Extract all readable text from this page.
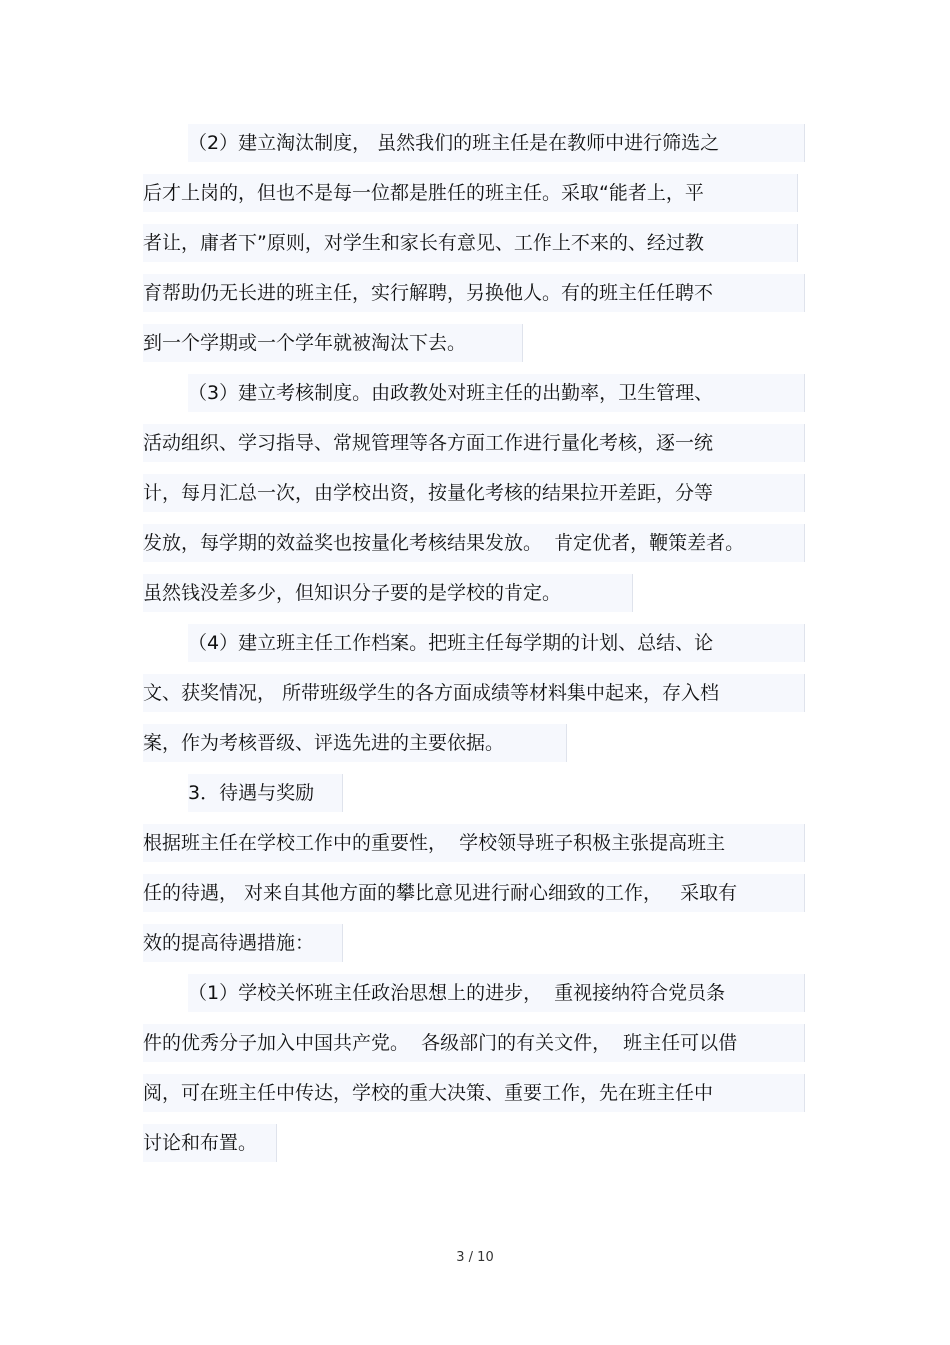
（2）建立淘汰制度， 虽然我们的班主任是在教师中进行筛选之
后才上岗的，但也不是每一位都是胜任的班主任。采取“能者上，平
者让，庸者下”原则，对学生和家长有意见、工作上不来的、经过教
育帮助仍无长进的班主任，实行解聘，另换他人。有的班主任任聘不
到一个学期或一个学年就被淘汰下去。
（3）建立考核制度。由政教处对班主任的出勤率，卫生管理、
活动组织、学习指导、常规管理等各方面工作进行量化考核，逐一统
计，每月汇总一次，由学校出资，按量化考核的结果拉开差距，分等
发放，每学期的效益奖也按量化考核结果发放。  肯定优者，鞭策差者。
虽然钱没差多少，但知识分子要的是学校的肯定。
（4）建立班主任工作档案。把班主任每学期的计划、总结、论
文、获奖情况， 所带班级学生的各方面成绩等材料集中起来，存入档
案，作为考核晋级、评选先进的主要依据。
3．待遇与奖励
根据班主任在学校工作中的重要性，  学校领导班子积极主张提高班主
任的待遇， 对来自其他方面的攀比意见进行耐心细致的工作，   采取有
效的提高待遇措施：
（1）学校关怀班主任政治思想上的进步，  重视接纳符合党员条
件的优秀分子加入中国共产党。  各级部门的有关文件，  班主任可以借
阅，可在班主任中传达，学校的重大决策、重要工作，先在班主任中
讨论和布置。
3 / 10
